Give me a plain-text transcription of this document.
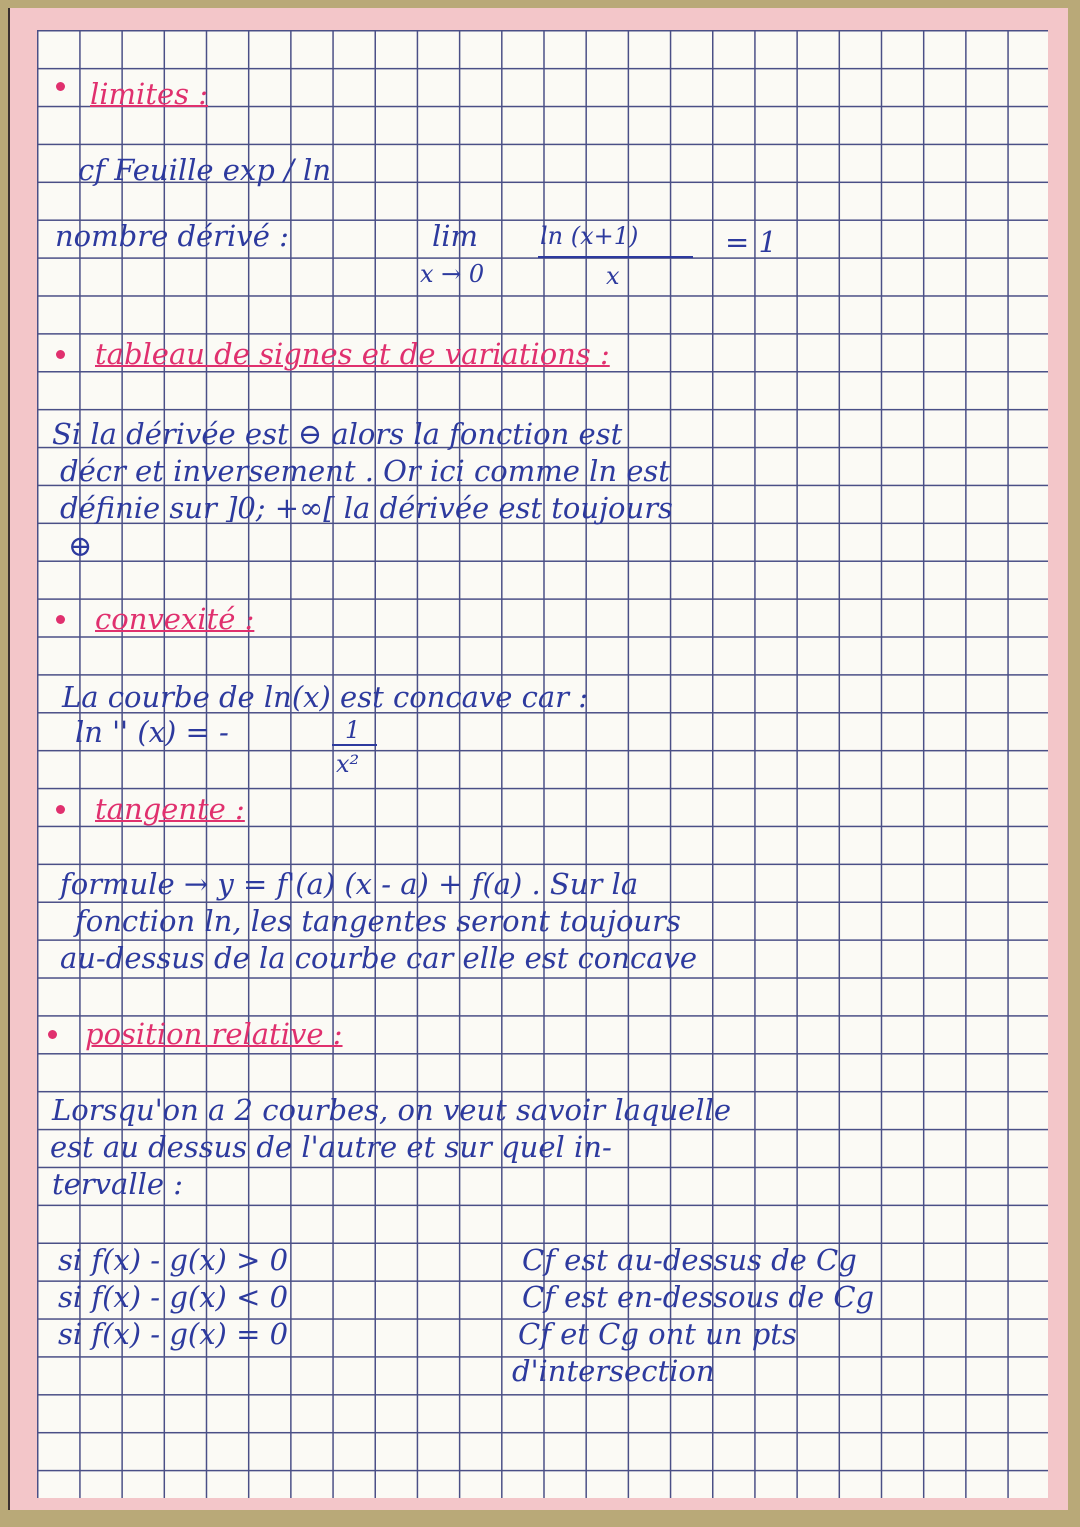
limites :
cf Feuille exp / ln
nombre dérivé :	lim
x → 0
ln (x+1)
x
= 1
tableau de signes et de variations :
Si la dérivée est ⊖ alors la fonction est
décr et inversement . Or ici comme ln est
définie sur ]0; +∞[ la dérivée est toujours
⊕
convexité :
La courbe de ln(x) est concave car :
ln '' (x) = -	1
x²
tangente :
formule → y = f'(a) (x - a) + f(a) . Sur la
fonction ln, les tangentes seront toujours
au-dessus de la courbe car elle est concave
position relative :
Lorsqu'on a 2 courbes, on veut savoir laquelle
est au dessus de l'autre et sur quel in-
tervalle :
si f(x) - g(x) > 0	Cf est au-dessus de Cg
si f(x) - g(x) < 0	Cf est en-dessous de Cg
si f(x) - g(x) = 0	Cf et Cg ont un pts
d'intersection
